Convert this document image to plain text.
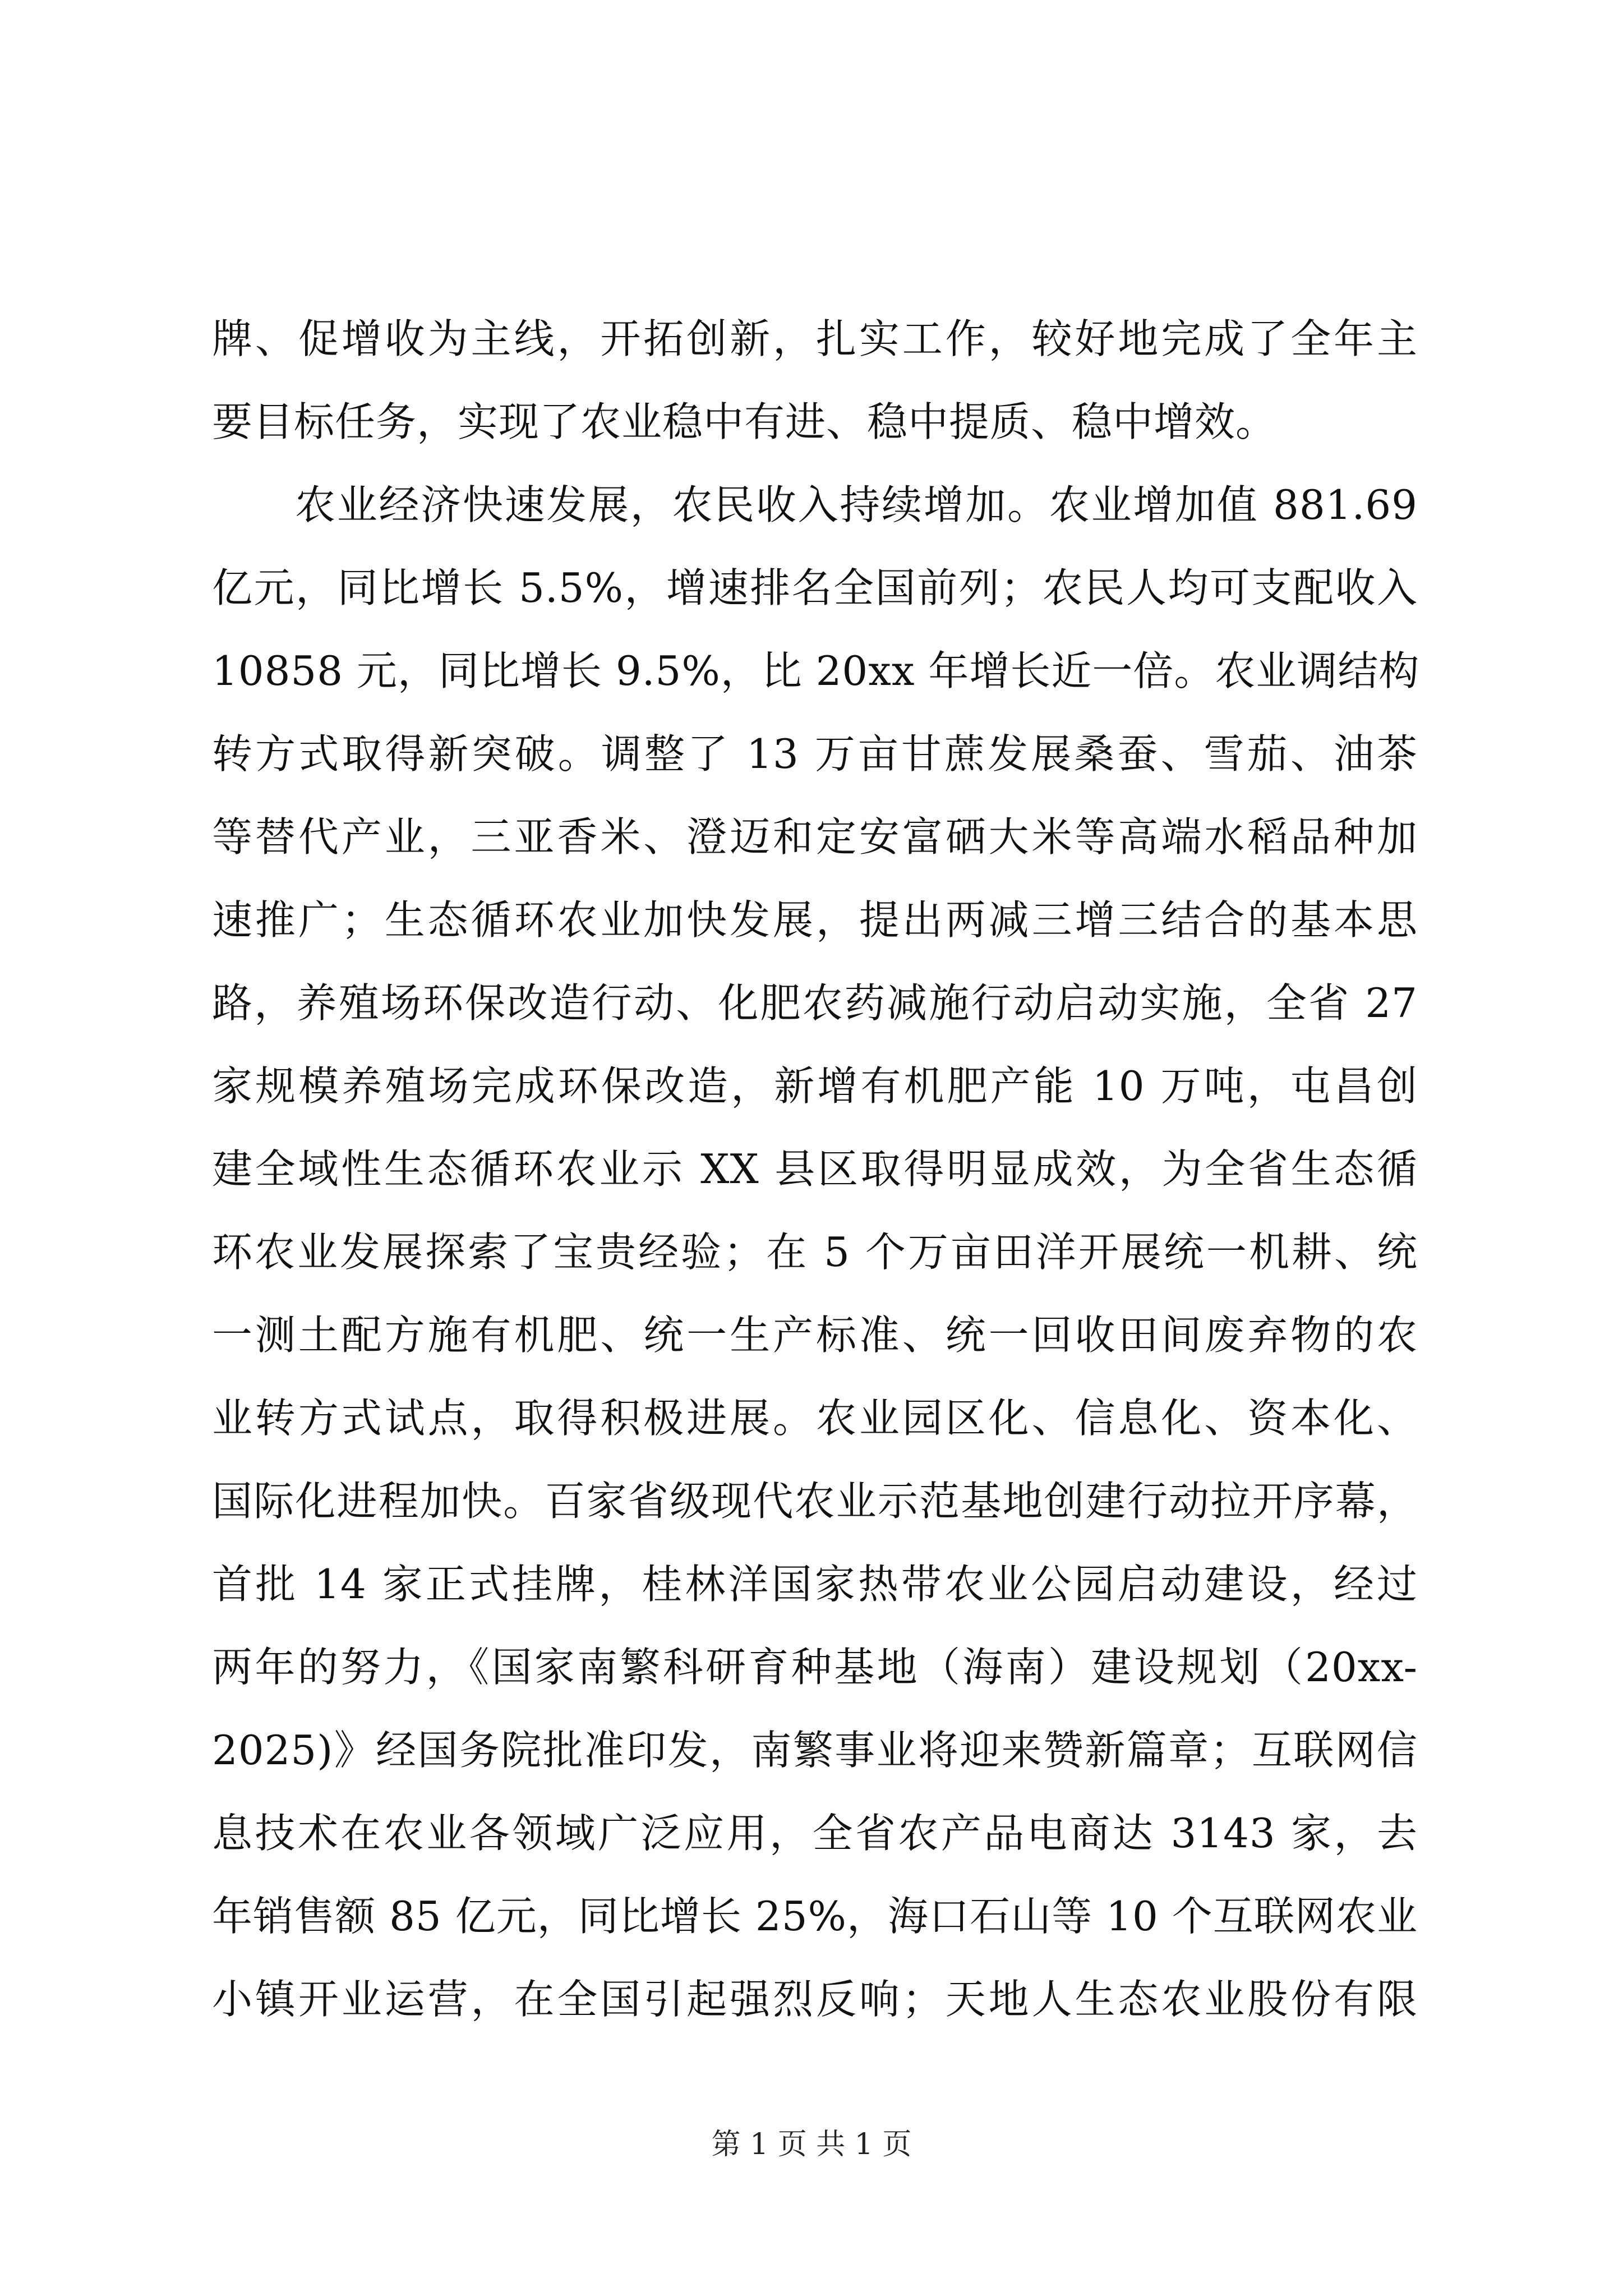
牌、促增收为主线，开拓创新，扎实工作，较好地完成了全年主
要目标任务，实现了农业稳中有进、稳中提质、稳中增效。
农业经济快速发展，农民收入持续增加。农业增加值 881.69
亿元，同比增长 5.5%，增速排名全国前列；农民人均可支配收入
10858 元，同比增长 9.5%，比 20xx 年增长近一倍。农业调结构
转方式取得新突破。调整了 13 万亩甘蔗发展桑蚕、雪茄、油茶
等替代产业，三亚香米、澄迈和定安富硒大米等高端水稻品种加
速推广；生态循环农业加快发展，提出两减三增三结合的基本思
路，养殖场环保改造行动、化肥农药减施行动启动实施，全省 27
家规模养殖场完成环保改造，新增有机肥产能 10 万吨，屯昌创
建全域性生态循环农业示 XX 县区取得明显成效，为全省生态循
环农业发展探索了宝贵经验；在 5 个万亩田洋开展统一机耕、统
一测土配方施有机肥、统一生产标准、统一回收田间废弃物的农
业转方式试点，取得积极进展。农业园区化、信息化、资本化、
国际化进程加快。百家省级现代农业示范基地创建行动拉开序幕，
首批 14 家正式挂牌，桂林洋国家热带农业公园启动建设，经过
两年的努力，《国家南繁科研育种基地（海南）建设规划（20xx-
2025)》经国务院批准印发，南繁事业将迎来赞新篇章；互联网信
息技术在农业各领域广泛应用，全省农产品电商达 3143 家，去
年销售额 85 亿元，同比增长 25%，海口石山等 10 个互联网农业
小镇开业运营，在全国引起强烈反响；天地人生态农业股份有限
第 1 页 共 1 页
